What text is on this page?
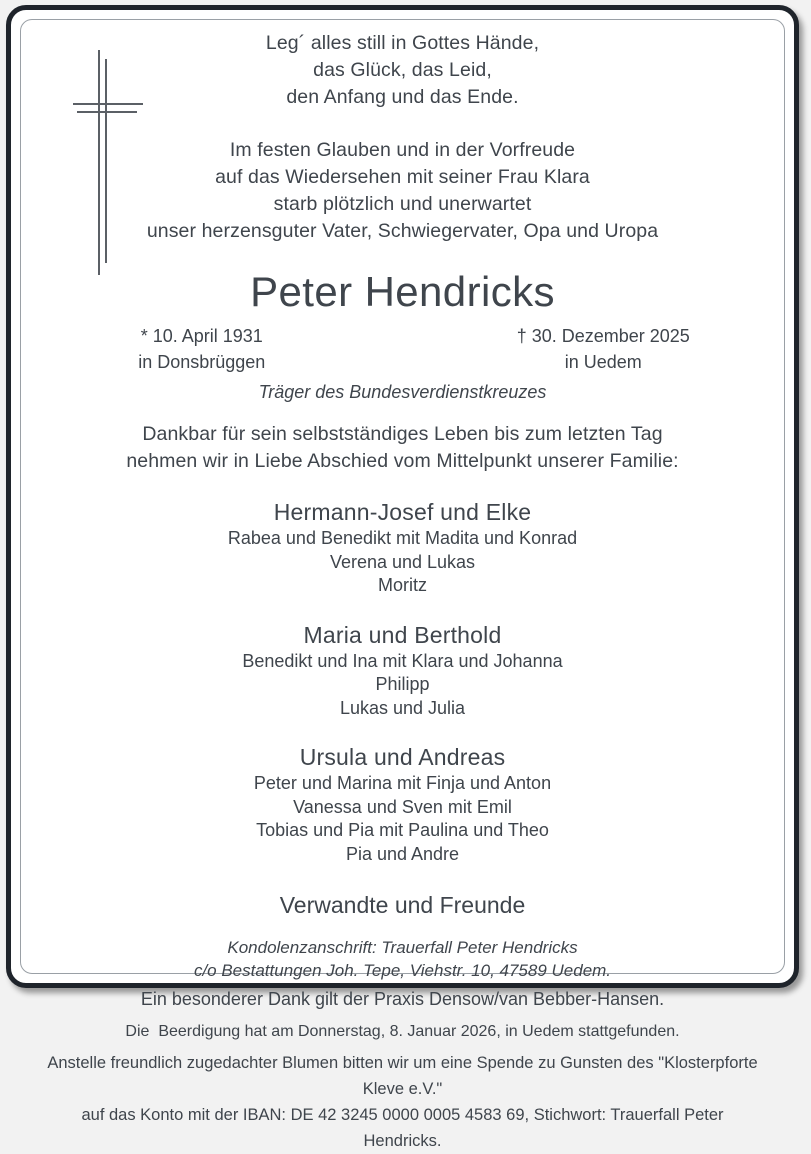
Leg´ alles still in Gottes Hände,
das Glück, das Leid,
den Anfang und das Ende.
Im festen Glauben und in der Vorfreude
auf das Wiedersehen mit seiner Frau Klara
starb plötzlich und unerwartet
unser herzensguter Vater, Schwiegervater, Opa und Uropa
Peter Hendricks
* 10. April 1931
in Donsbrüggen
† 30. Dezember 2025
in Uedem
Träger des Bundesverdienstkreuzes
Dankbar für sein selbstständiges Leben bis zum letzten Tag
nehmen wir in Liebe Abschied vom Mittelpunkt unserer Familie:
Hermann-Josef und Elke
Rabea und Benedikt mit Madita und Konrad
Verena und Lukas
Moritz
Maria und Berthold
Benedikt und Ina mit Klara und Johanna
Philipp
Lukas und Julia
Ursula und Andreas
Peter und Marina mit Finja und Anton
Vanessa und Sven mit Emil
Tobias und Pia mit Paulina und Theo
Pia und Andre
Verwandte und Freunde
Kondolenzanschrift: Trauerfall Peter Hendricks
c/o Bestattungen Joh. Tepe, Viehstr. 10, 47589 Uedem.
Ein besonderer Dank gilt der Praxis Densow/van Bebber-Hansen.
Die  Beerdigung hat am Donnerstag, 8. Januar 2026, in Uedem stattgefunden.
Anstelle freundlich zugedachter Blumen bitten wir um eine Spende zu Gunsten des "Klosterpforte Kleve e.V."
auf das Konto mit der IBAN: DE 42 3245 0000 0005 4583 69, Stichwort: Trauerfall Peter Hendricks.
